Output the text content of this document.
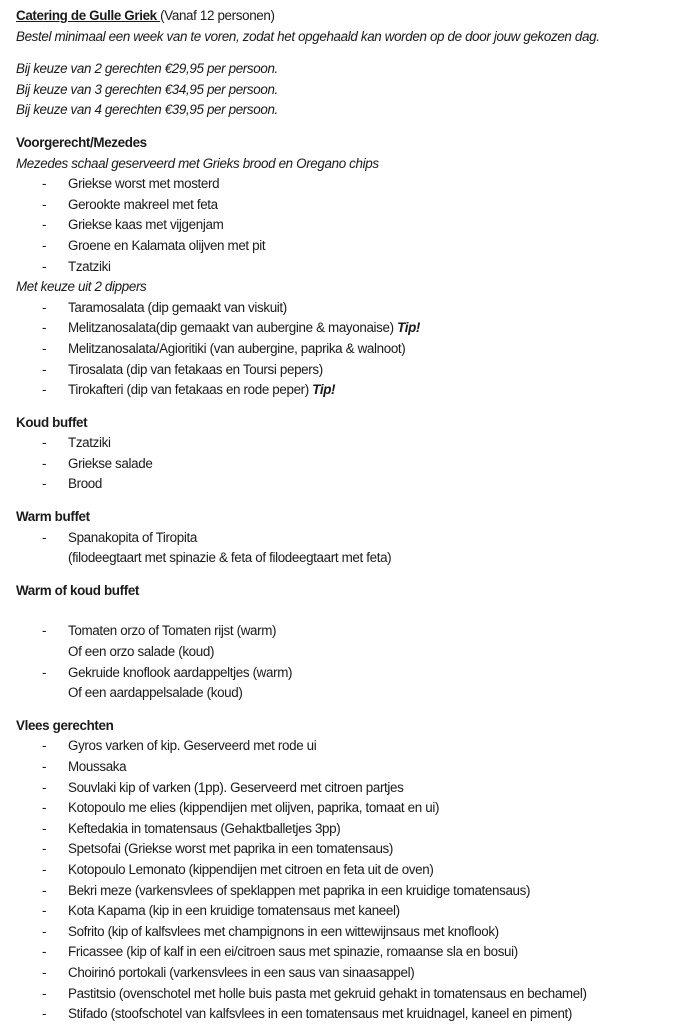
Catering de Gulle Griek (Vanaf 12 personen)
Bestel minimaal een week van te voren, zodat het opgehaald kan worden op de door jouw gekozen dag.
Bij keuze van 2 gerechten €29,95 per persoon.
Bij keuze van 3 gerechten €34,95 per persoon.
Bij keuze van 4 gerechten €39,95 per persoon.
Voorgerecht/Mezedes
Mezedes schaal geserveerd met Grieks brood en Oregano chips
- Griekse worst met mosterd
- Gerookte makreel met feta
- Griekse kaas met vijgenjam
- Groene en Kalamata olijven met pit
- Tzatziki
Met keuze uit 2 dippers
- Taramosalata (dip gemaakt van viskuit)
- Melitzanosalata(dip gemaakt van aubergine & mayonaise) Tip!
- Melitzanosalata/Agioritiki (van aubergine, paprika & walnoot)
- Tirosalata (dip van fetakaas en Toursi pepers)
- Tirokafteri (dip van fetakaas en rode peper) Tip!
Koud buffet
- Tzatziki
- Griekse salade
- Brood
Warm buffet
- Spanakopita of Tiropita
(filodeegtaart met spinazie & feta of filodeegtaart met feta)
Warm of koud buffet
- Tomaten orzo of Tomaten rijst (warm)
Of een orzo salade (koud)
- Gekruide knoflook aardappeltjes (warm)
Of een aardappelsalade (koud)
Vlees gerechten
- Gyros varken of kip. Geserveerd met rode ui
- Moussaka
- Souvlaki kip of varken (1pp). Geserveerd met citroen partjes
- Kotopoulo me elies (kippendijen met olijven, paprika, tomaat en ui)
- Keftedakia in tomatensaus (Gehaktballetjes 3pp)
- Spetsofai (Griekse worst met paprika in een tomatensaus)
- Kotopoulo Lemonato (kippendijen met citroen en feta uit de oven)
- Bekri meze (varkensvlees of speklappen met paprika in een kruidige tomatensaus)
- Kota Kapama (kip in een kruidige tomatensaus met kaneel)
- Sofrito (kip of kalfsvlees met champignons in een wittewijnsaus met knoflook)
- Fricassee (kip of kalf in een ei/citroen saus met spinazie, romaanse sla en bosui)
- Choirinó portokali (varkensvlees in een saus van sinaasappel)
- Pastitsio (ovenschotel met holle buis pasta met gekruid gehakt in tomatensaus en bechamel)
- Stifado (stoofschotel van kalfsvlees in een tomatensaus met kruidnagel, kaneel en piment)
